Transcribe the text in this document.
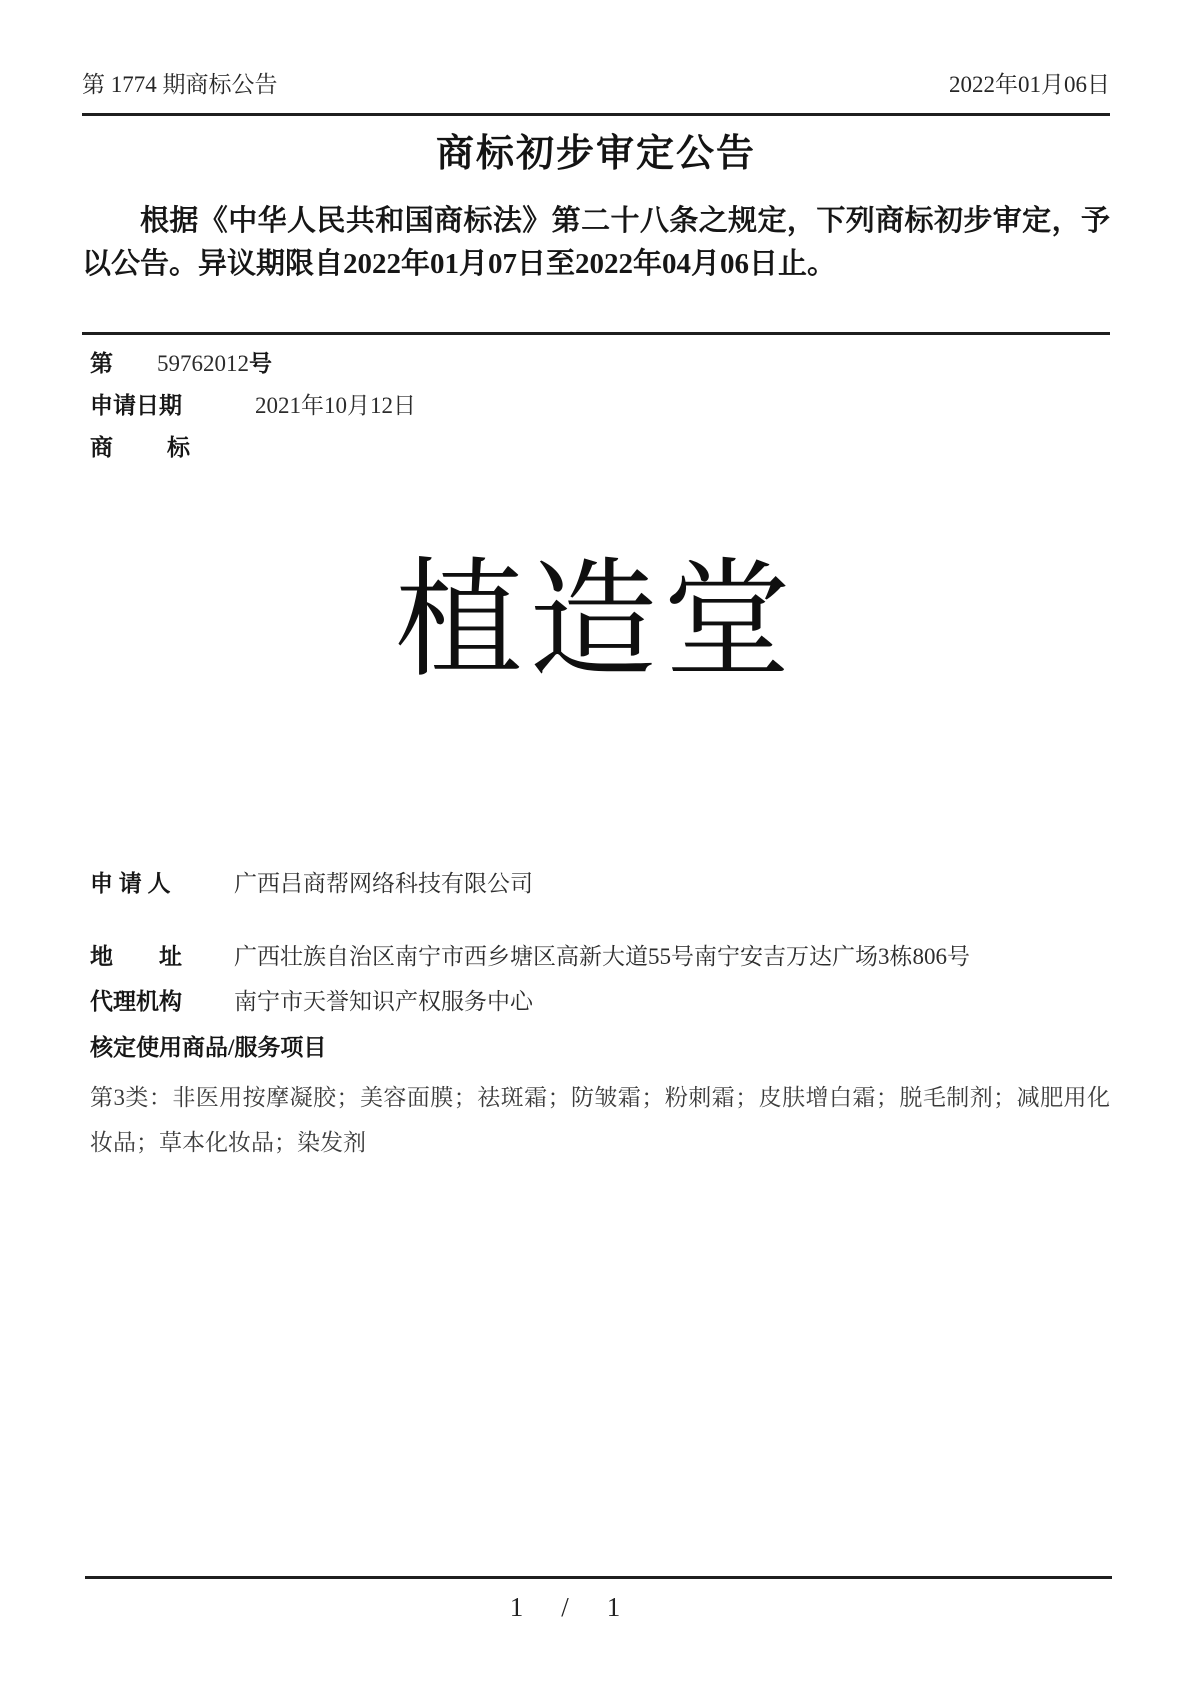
第 1774 期商标公告	2022年01月06日
商标初步审定公告

根据《中华人民共和国商标法》第二十八条之规定，下列商标初步审定，予以公告。异议期限自2022年01月07日至2022年04月06日止。

第 59762012号
申请日期	2021年10月12日
商 标
植造堂
申 请 人	广西吕商帮网络科技有限公司
地　　址 广西壮族自治区南宁市西乡塘区高新大道55号南宁安吉万达广场3栋806号
代理机构 南宁市天誉知识产权服务中心
核定使用商品/服务项目

第3类：非医用按摩凝胶；美容面膜；祛斑霜；防皱霜；粉刺霜；皮肤增白霜；脱毛制剂；减肥用化妆品；草本化妆品；染发剂

1 / 1
